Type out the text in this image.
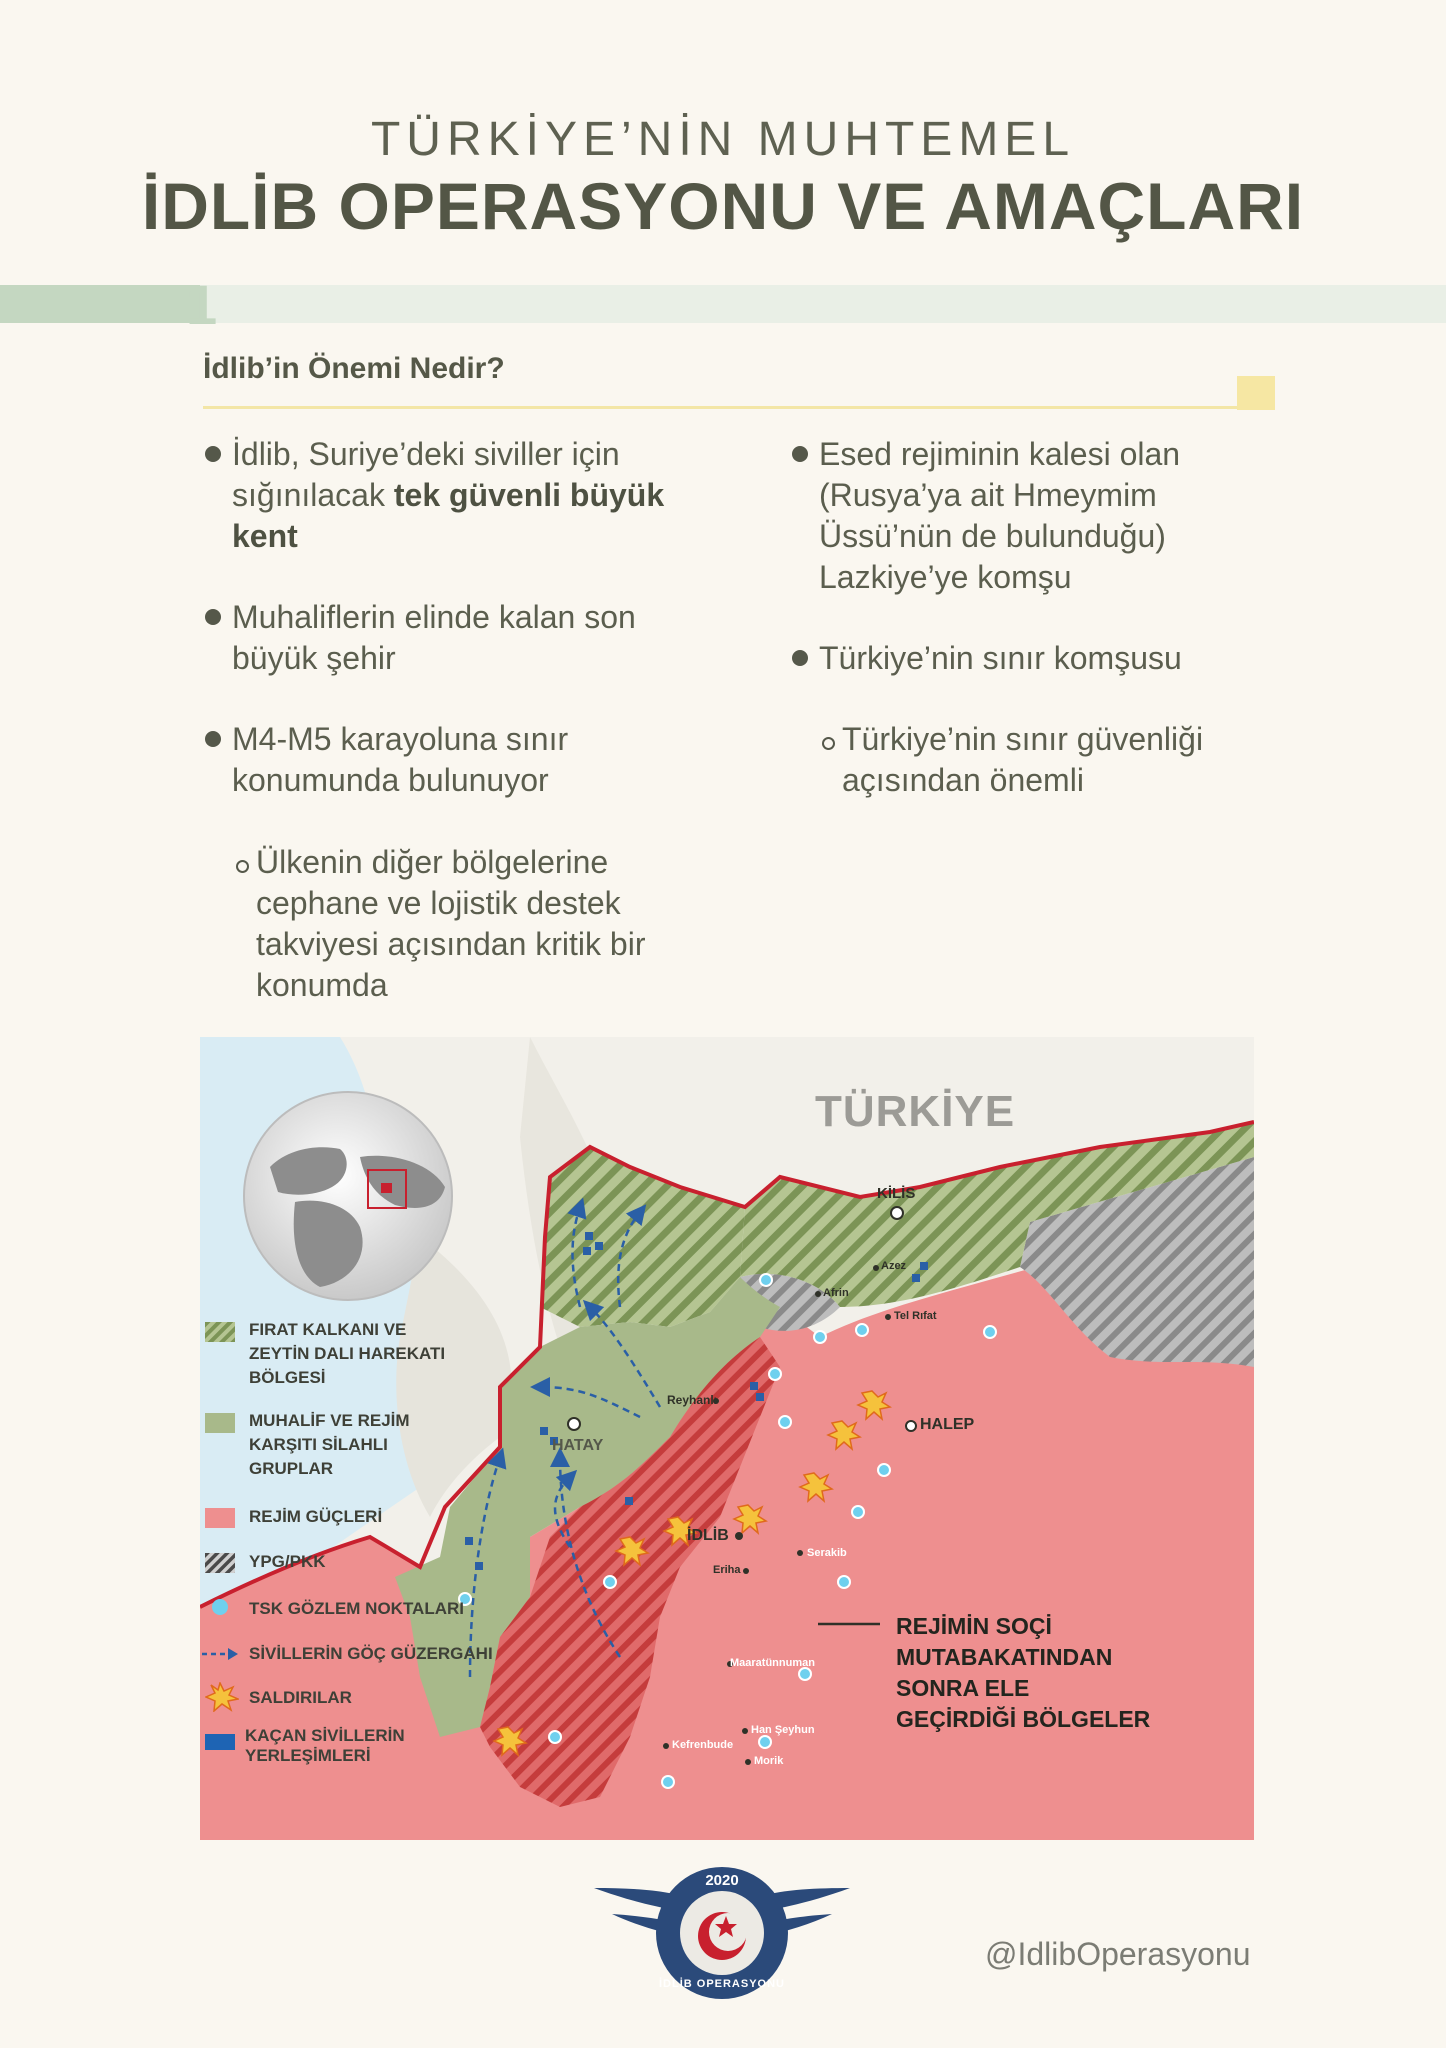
TÜRKİYE’NİN MUHTEMEL
İDLİB OPERASYONU VE AMAÇLARI
1
İdlib’in Önemi Nedir?
İdlib, Suriye’deki siviller için
sığınılacak tek güvenli büyük
kent
Muhaliflerin elinde kalan son
büyük şehir
M4-M5 karayoluna sınır
konumunda bulunuyor
Ülkenin diğer bölgelerine
cephane ve lojistik destek
takviyesi açısından kritik bir
konumda
Esed rejiminin kalesi olan
(Rusya’ya ait Hmeymim
Üssü’nün de bulunduğu)
Lazkiye’ye komşu
Türkiye’nin sınır komşusu
Türkiye’nin sınır güvenliği
açısından önemli
TÜRKİYE
KİLİS
Azez
Afrin
Tel Rıfat
Reyhanlı
HALEP
HATAY
İDLİB
Eriha
Serakib
Maaratünnuman
Han Şeyhun
Kefrenbude
Morik
REJİMİN SOÇİ
MUTABAKATINDAN
SONRA ELE
GEÇİRDİĞİ BÖLGELER
FIRAT KALKANI VE
ZEYTİN DALI HAREKATI
BÖLGESİ
MUHALİF VE REJİM
KARŞITI SİLAHLI
GRUPLAR
REJİM GÜÇLERİ
YPG/PKK
TSK GÖZLEM NOKTALARI
SİVİLLERİN GÖÇ GÜZERGAHI
SALDIRILAR
KAÇAN SİVİLLERİN
YERLEŞİMLERİ
2020
İDLİB OPERASYONU
@IdlibOperasyonu
